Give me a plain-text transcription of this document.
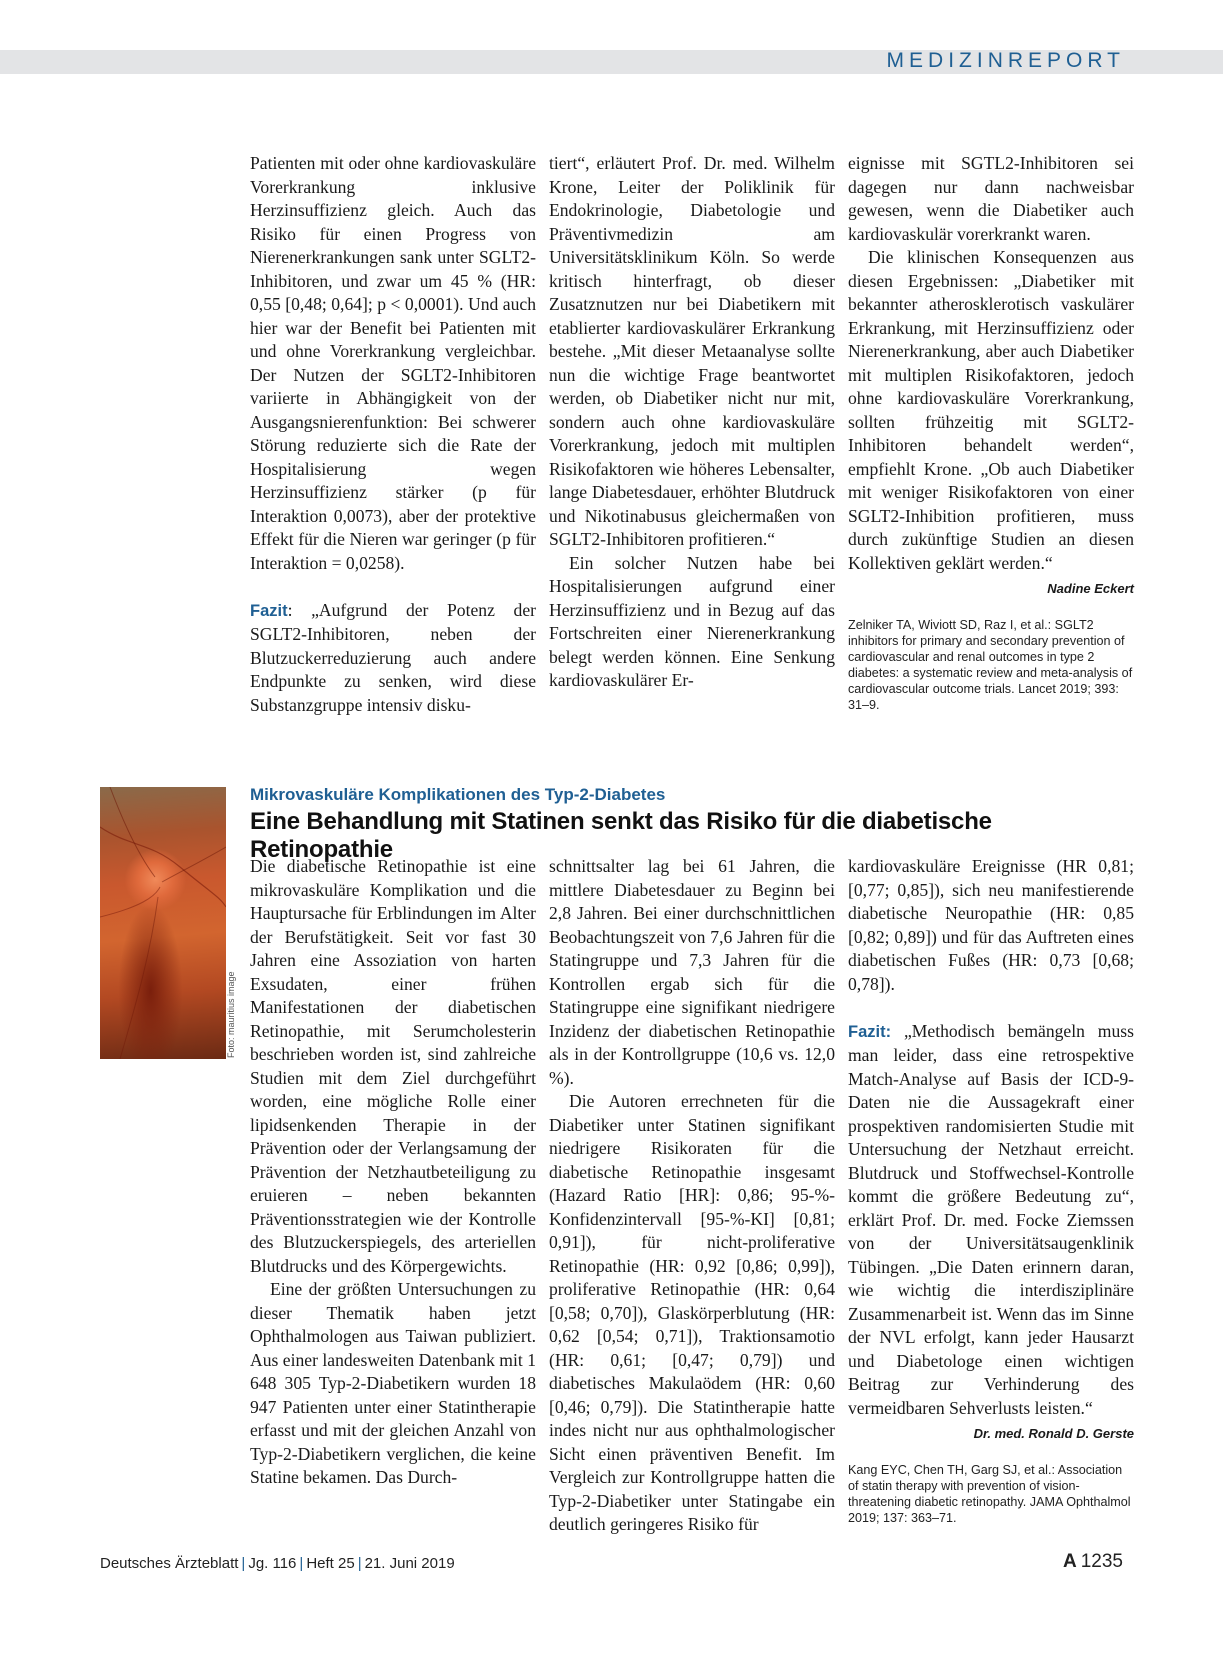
MEDIZINREPORT

Patienten mit oder ohne kardiovaskuläre Vorerkrankung inklusive Herzinsuffizienz gleich. Auch das Risiko für einen Progress von Nierenerkrankungen sank unter SGLT2-Inhibitoren, und zwar um 45 % (HR: 0,55 [0,48; 0,64]; p < 0,0001). Und auch hier war der Benefit bei Patienten mit und ohne Vorerkrankung vergleichbar. Der Nutzen der SGLT2-Inhibitoren variierte in Abhängigkeit von der Ausgangsnierenfunktion: Bei schwerer Störung reduzierte sich die Rate der Hospitalisierung wegen Herzinsuffizienz stärker (p für Interaktion 0,0073), aber der protektive Effekt für die Nieren war geringer (p für Interaktion = 0,0258).

Fazit: „Aufgrund der Potenz der SGLT2-Inhibitoren, neben der Blutzuckerreduzierung auch andere Endpunkte zu senken, wird diese Substanzgruppe intensiv disku-

tiert“, erläutert Prof. Dr. med. Wilhelm Krone, Leiter der Poliklinik für Endokrinologie, Diabetologie und Präventivmedizin am Universitätsklinikum Köln. So werde kritisch hinterfragt, ob dieser Zusatznutzen nur bei Diabetikern mit etablierter kardiovaskulärer Erkrankung bestehe. „Mit dieser Metaanalyse sollte nun die wichtige Frage beantwortet werden, ob Diabetiker nicht nur mit, sondern auch ohne kardiovaskuläre Vorerkrankung, jedoch mit multiplen Risikofaktoren wie höheres Lebensalter, lange Diabetesdauer, erhöhter Blutdruck und Nikotinabusus gleichermaßen von SGLT2-Inhibitoren profitieren.“

Ein solcher Nutzen habe bei Hospitalisierungen aufgrund einer Herzinsuffizienz und in Bezug auf das Fortschreiten einer Nierenerkrankung belegt werden können. Eine Senkung kardiovaskulärer Er-

eignisse mit SGTL2-Inhibitoren sei dagegen nur dann nachweisbar gewesen, wenn die Diabetiker auch kardiovaskulär vorerkrankt waren.

Die klinischen Konsequenzen aus diesen Ergebnissen: „Diabetiker mit bekannter atherosklerotisch vaskulärer Erkrankung, mit Herzinsuffizienz oder Nierenerkrankung, aber auch Diabetiker mit multiplen Risikofaktoren, jedoch ohne kardiovaskuläre Vorerkrankung, sollten frühzeitig mit SGLT2-Inhibitoren behandelt werden“, empfiehlt Krone. „Ob auch Diabetiker mit weniger Risikofaktoren von einer SGLT2-Inhibition profitieren, muss durch zukünftige Studien an diesen Kollektiven geklärt werden.“

Nadine Eckert
Zelniker TA, Wiviott SD, Raz I, et al.: SGLT2 inhibitors for primary and secondary prevention of cardiovascular and renal outcomes in type 2 diabetes: a systematic review and meta-analysis of cardiovascular outcome trials. Lancet 2019; 393: 31–9.
Foto: mauritius image
Mikrovaskuläre Komplikationen des Typ-2-Diabetes
Eine Behandlung mit Statinen senkt das Risiko für die diabetische Retinopathie

Die diabetische Retinopathie ist eine mikrovaskuläre Komplikation und die Hauptursache für Erblindungen im Alter der Berufstätigkeit. Seit vor fast 30 Jahren eine Assoziation von harten Exsudaten, einer frühen Manifestationen der diabetischen Retinopathie, mit Serumcholesterin beschrieben worden ist, sind zahlreiche Studien mit dem Ziel durchgeführt worden, eine mögliche Rolle einer lipidsenkenden Therapie in der Prävention oder der Verlangsamung der Prävention der Netzhautbeteiligung zu eruieren – neben bekannten Präventionsstrategien wie der Kontrolle des Blutzuckerspiegels, des arteriellen Blutdrucks und des Körpergewichts.

Eine der größten Untersuchungen zu dieser Thematik haben jetzt Ophthalmologen aus Taiwan publiziert. Aus einer landesweiten Datenbank mit 1 648 305 Typ-2-Diabetikern wurden 18 947 Patienten unter einer Statintherapie erfasst und mit der gleichen Anzahl von Typ-2-Diabetikern verglichen, die keine Statine bekamen. Das Durch-

schnittsalter lag bei 61 Jahren, die mittlere Diabetesdauer zu Beginn bei 2,8 Jahren. Bei einer durchschnittlichen Beobachtungszeit von 7,6 Jahren für die Statingruppe und 7,3 Jahren für die Kontrollen ergab sich für die Statingruppe eine signifikant niedrigere Inzidenz der diabetischen Retinopathie als in der Kontrollgruppe (10,6 vs. 12,0 %).

Die Autoren errechneten für die Diabetiker unter Statinen signifikant niedrigere Risikoraten für die diabetische Retinopathie insgesamt (Hazard Ratio [HR]: 0,86; 95-%-Konfidenzintervall [95-%-KI] [0,81; 0,91]), für nicht-proliferative Retinopathie (HR: 0,92 [0,86; 0,99]), proliferative Retinopathie (HR: 0,64 [0,58; 0,70]), Glaskörperblutung (HR: 0,62 [0,54; 0,71]), Traktionsamotio (HR: 0,61; [0,47; 0,79]) und diabetisches Makulaödem (HR: 0,60 [0,46; 0,79]). Die Statintherapie hatte indes nicht nur aus ophthalmologischer Sicht einen präventiven Benefit. Im Vergleich zur Kontrollgruppe hatten die Typ-2-Diabetiker unter Statingabe ein deutlich geringeres Risiko für

kardiovaskuläre Ereignisse (HR 0,81; [0,77; 0,85]), sich neu manifestierende diabetische Neuropathie (HR: 0,85 [0,82; 0,89]) und für das Auftreten eines diabetischen Fußes (HR: 0,73 [0,68; 0,78]).

Fazit: „Methodisch bemängeln muss man leider, dass eine retrospektive Match-Analyse auf Basis der ICD-9-Daten nie die Aussagekraft einer prospektiven randomisierten Studie mit Untersuchung der Netzhaut erreicht. Blutdruck und Stoffwechsel-Kontrolle kommt die größere Bedeutung zu“, erklärt Prof. Dr. med. Focke Ziemssen von der Universitätsaugenklinik Tübingen. „Die Daten erinnern daran, wie wichtig die interdisziplinäre Zusammenarbeit ist. Wenn das im Sinne der NVL erfolgt, kann jeder Hausarzt und Diabetologe einen wichtigen Beitrag zur Verhinderung des vermeidbaren Sehverlusts leisten.“

Dr. med. Ronald D. Gerste
Kang EYC, Chen TH, Garg SJ, et al.: Association of statin therapy with prevention of vision-threatening diabetic retinopathy. JAMA Ophthalmol 2019; 137: 363–71.
Deutsches Ärzteblatt | Jg. 116 | Heft 25 | 21. Juni 2019	A 1235
